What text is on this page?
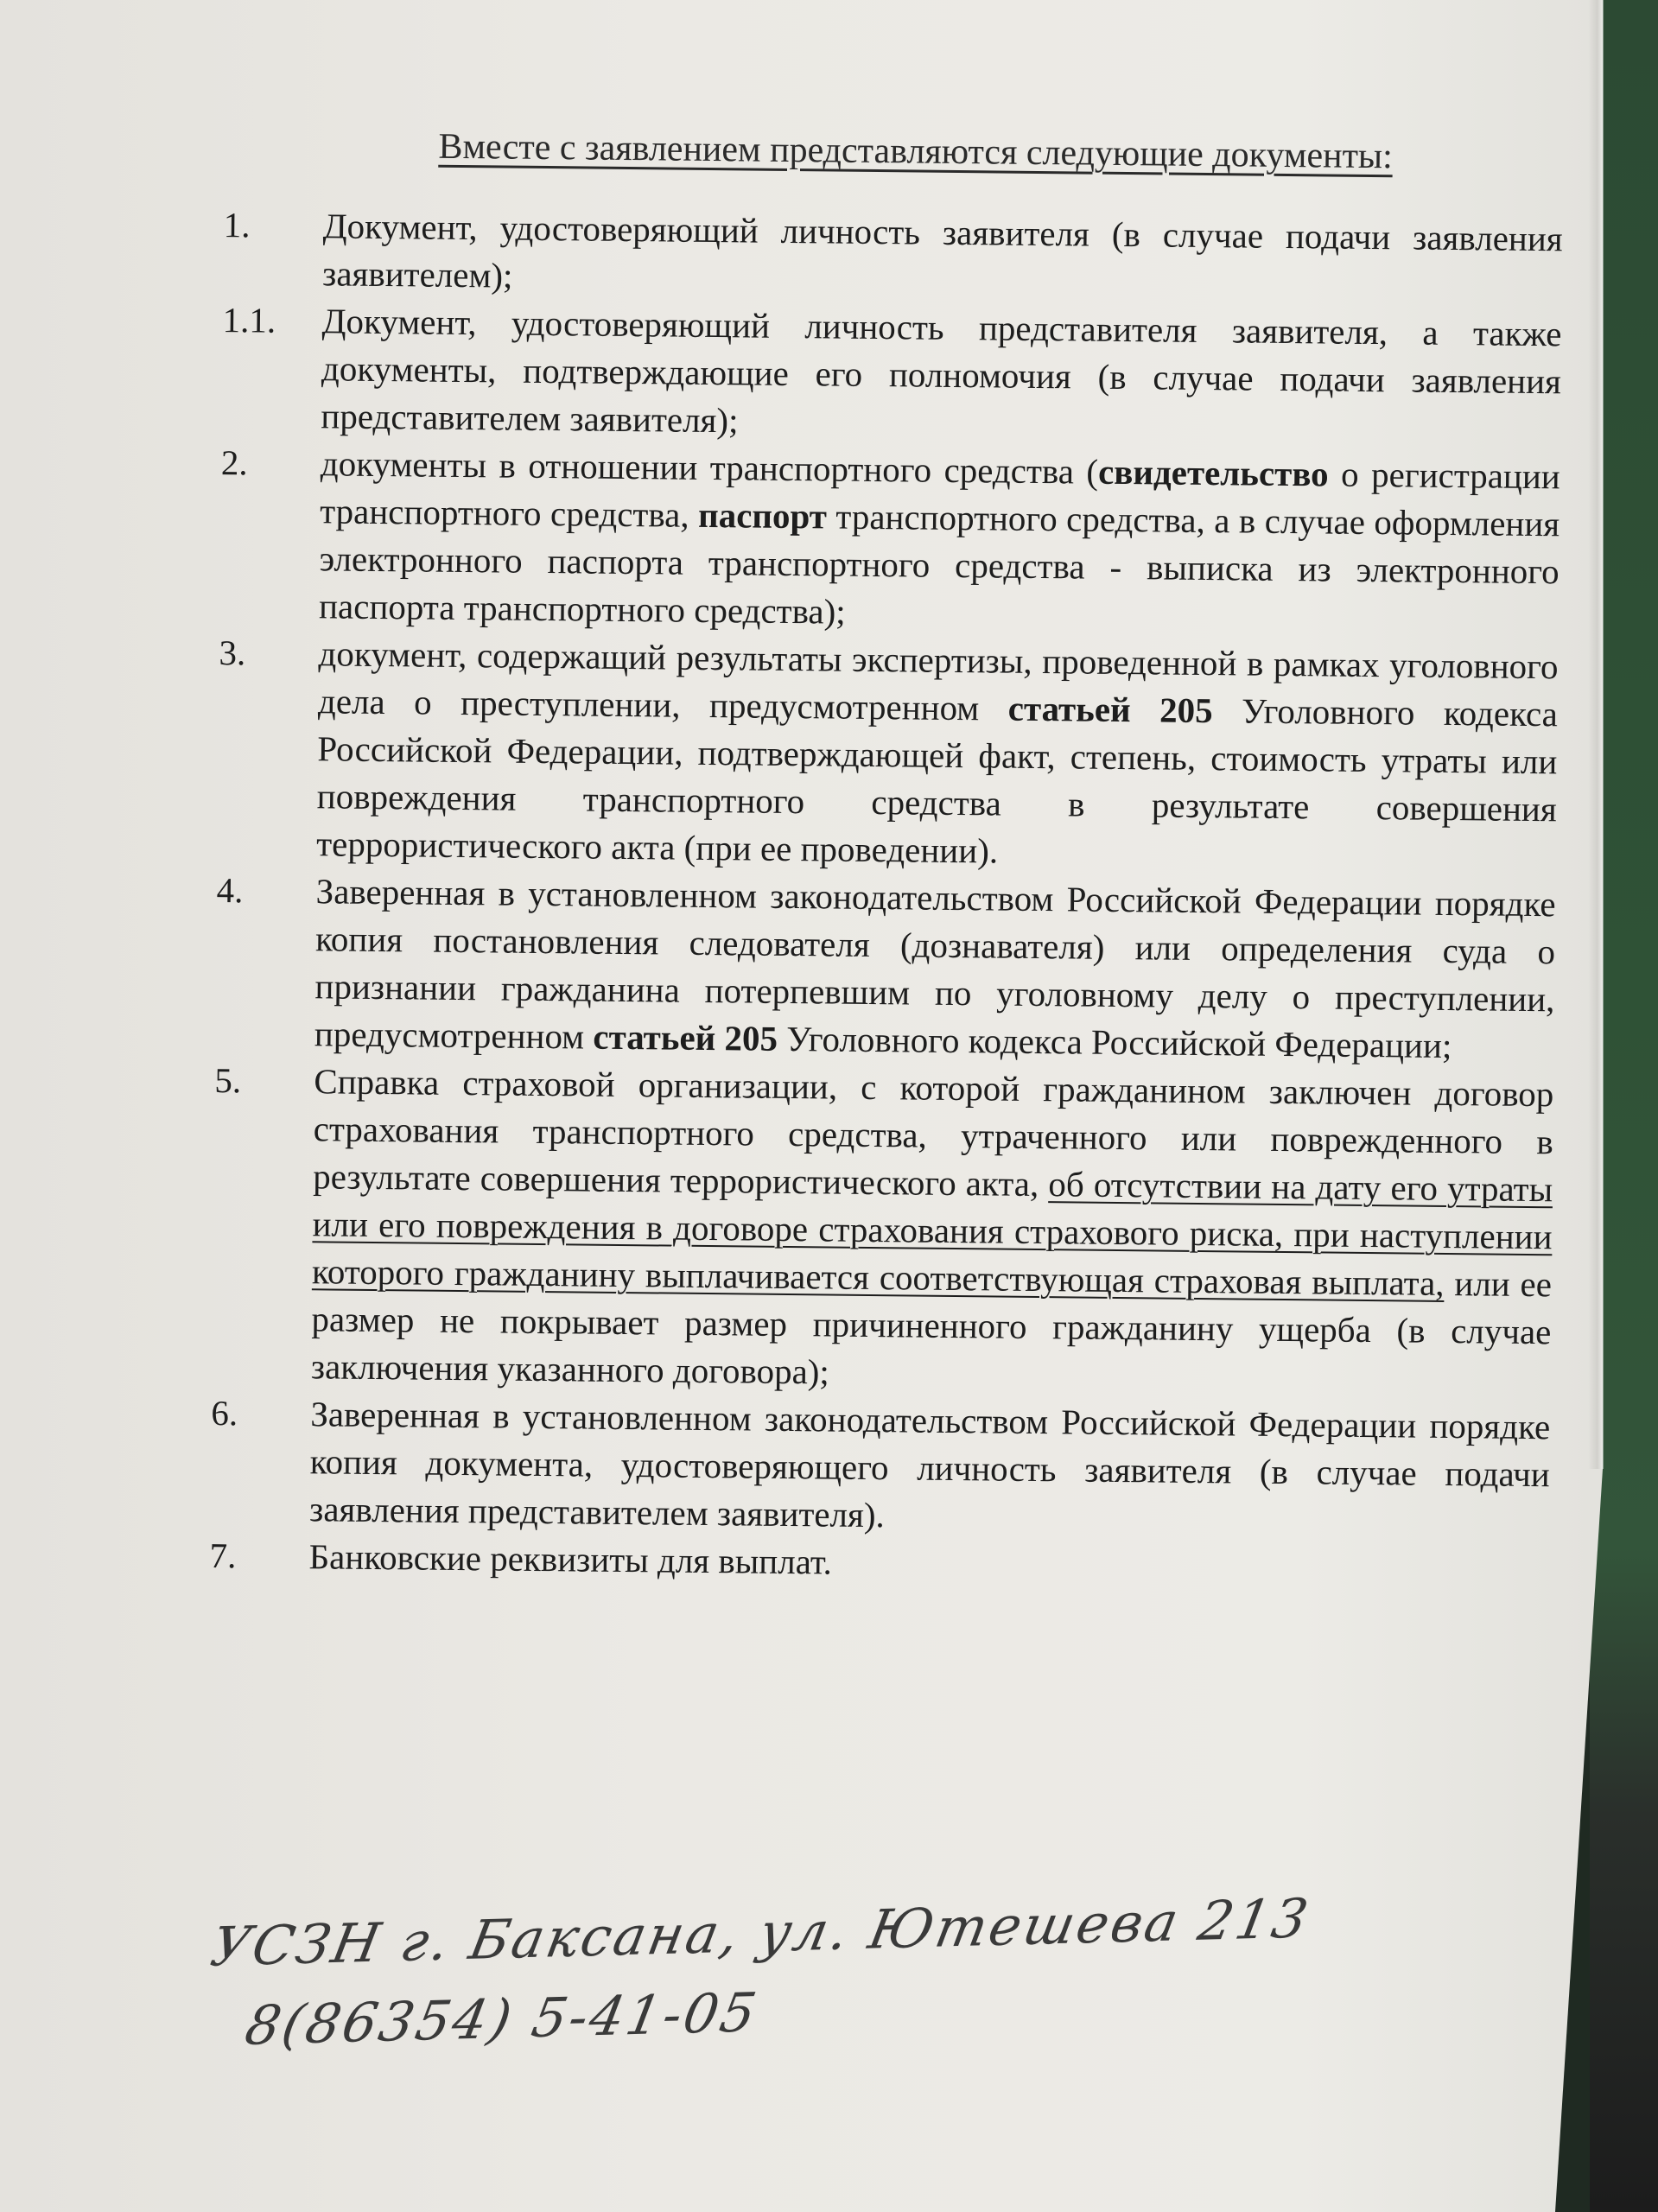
Вместе с заявлением представляются следующие документы:
1.	Документ, удостоверяющий личность заявителя (в случае подачи заявления заявителем);
1.1.	Документ, удостоверяющий личность представителя заявителя, а также документы, подтверждающие его полномочия (в случае подачи заявления представителем заявителя);
2.	документы в отношении транспортного средства (свидетельство о регистрации транспортного средства, паспорт транспортного средства, а в случае оформления электронного паспорта транспортного средства - выписка из электронного паспорта транспортного средства);
3.	документ, содержащий результаты экспертизы, проведенной в рамках уголовного дела о преступлении, предусмотренном статьей 205 Уголовного кодекса Российской Федерации, подтверждающей факт, степень, стоимость утраты или повреждения транспортного средства в результате совершения террористического акта (при ее проведении).
4.	Заверенная в установленном законодательством Российской Федерации порядке копия постановления следователя (дознавателя) или определения суда о признании гражданина потерпевшим по уголовному делу о преступлении, предусмотренном статьей 205 Уголовного кодекса Российской Федерации;
5.	Справка страховой организации, с которой гражданином заключен договор страхования транспортного средства, утраченного или поврежденного в результате совершения террористического акта, об отсутствии на дату его утраты или его повреждения в договоре страхования страхового риска, при наступлении которого гражданину выплачивается соответствующая страховая выплата, или ее размер не покрывает размер причиненного гражданину ущерба (в случае заключения указанного договора);
6.	Заверенная в установленном законодательством Российской Федерации порядке копия документа, удостоверяющего личность заявителя (в случае подачи заявления представителем заявителя).
7.	Банковские реквизиты для выплат.
УСЗН г. Баксана, ул. Ютешева 213
8(86354) 5-41-05
